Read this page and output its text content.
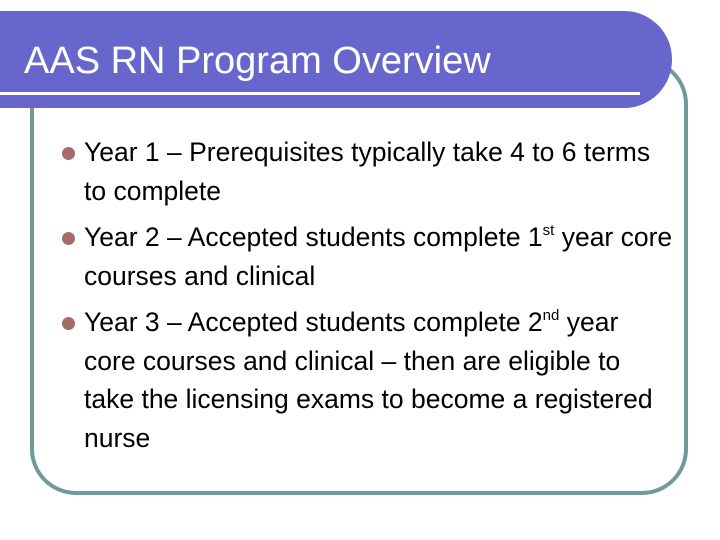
AAS RN Program Overview
Year 1 – Prerequisites typically take 4 to 6 terms to complete
Year 2 – Accepted students complete 1st year core courses and clinical
Year 3 – Accepted students complete 2nd year core courses and clinical – then are eligible to take the licensing exams to become a registered nurse
